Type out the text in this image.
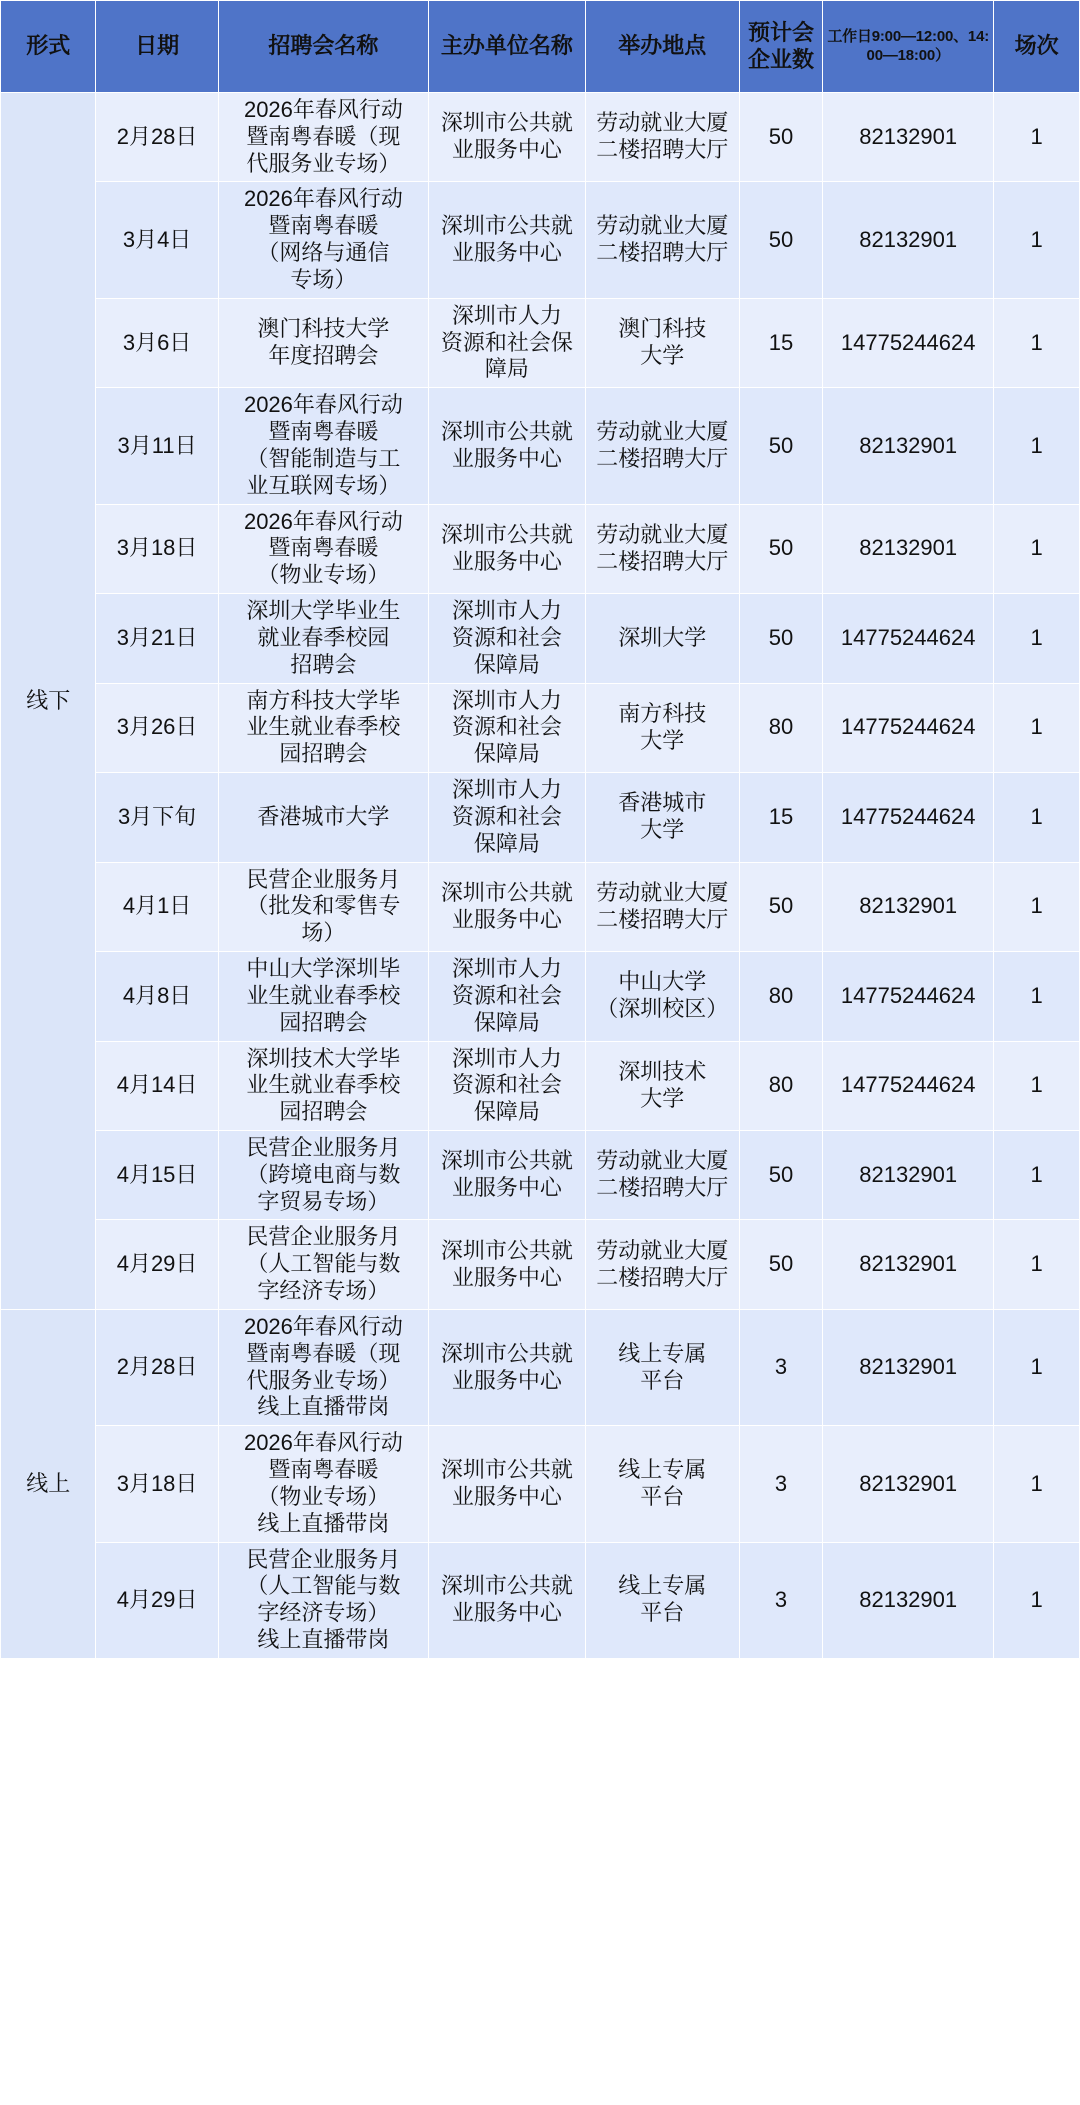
形式	日期	招聘会名称	主办单位名称	举办地点	预计会企业数	工作日9:00—12:00、14:00—18:00）	场次
线下	2月28日	2026年春风行动
暨南粤春暖（现
代服务业专场）	深圳市公共就
业服务中心	劳动就业大厦
二楼招聘大厅	50	82132901	1
	3月4日	2026年春风行动
暨南粤春暖
（网络与通信
专场）	深圳市公共就
业服务中心	劳动就业大厦
二楼招聘大厅	50	82132901	1
	3月6日	澳门科技大学
年度招聘会	深圳市人力
资源和社会保
障局	澳门科技
大学	15	14775244624	1
	3月11日	2026年春风行动
暨南粤春暖
（智能制造与工
业互联网专场）	深圳市公共就
业服务中心	劳动就业大厦
二楼招聘大厅	50	82132901	1
	3月18日	2026年春风行动
暨南粤春暖
（物业专场）	深圳市公共就
业服务中心	劳动就业大厦
二楼招聘大厅	50	82132901	1
	3月21日	深圳大学毕业生
就业春季校园
招聘会	深圳市人力
资源和社会
保障局	深圳大学	50	14775244624	1
	3月26日	南方科技大学毕
业生就业春季校
园招聘会	深圳市人力
资源和社会
保障局	南方科技
大学	80	14775244624	1
	3月下旬	香港城市大学	深圳市人力
资源和社会
保障局	香港城市
大学	15	14775244624	1
	4月1日	民营企业服务月
（批发和零售专
场）	深圳市公共就
业服务中心	劳动就业大厦
二楼招聘大厅	50	82132901	1
	4月8日	中山大学深圳毕
业生就业春季校
园招聘会	深圳市人力
资源和社会
保障局	中山大学
（深圳校区）	80	14775244624	1
	4月14日	深圳技术大学毕
业生就业春季校
园招聘会	深圳市人力
资源和社会
保障局	深圳技术
大学	80	14775244624	1
	4月15日	民营企业服务月
（跨境电商与数
字贸易专场）	深圳市公共就
业服务中心	劳动就业大厦
二楼招聘大厅	50	82132901	1
	4月29日	民营企业服务月
（人工智能与数
字经济专场）	深圳市公共就
业服务中心	劳动就业大厦
二楼招聘大厅	50	82132901	1
线上	2月28日	2026年春风行动
暨南粤春暖（现
代服务业专场）
线上直播带岗	深圳市公共就
业服务中心	线上专属
平台	3	82132901	1
	3月18日	2026年春风行动
暨南粤春暖
（物业专场）
线上直播带岗	深圳市公共就
业服务中心	线上专属
平台	3	82132901	1
	4月29日	民营企业服务月
（人工智能与数
字经济专场）
线上直播带岗	深圳市公共就
业服务中心	线上专属
平台	3	82132901	1
